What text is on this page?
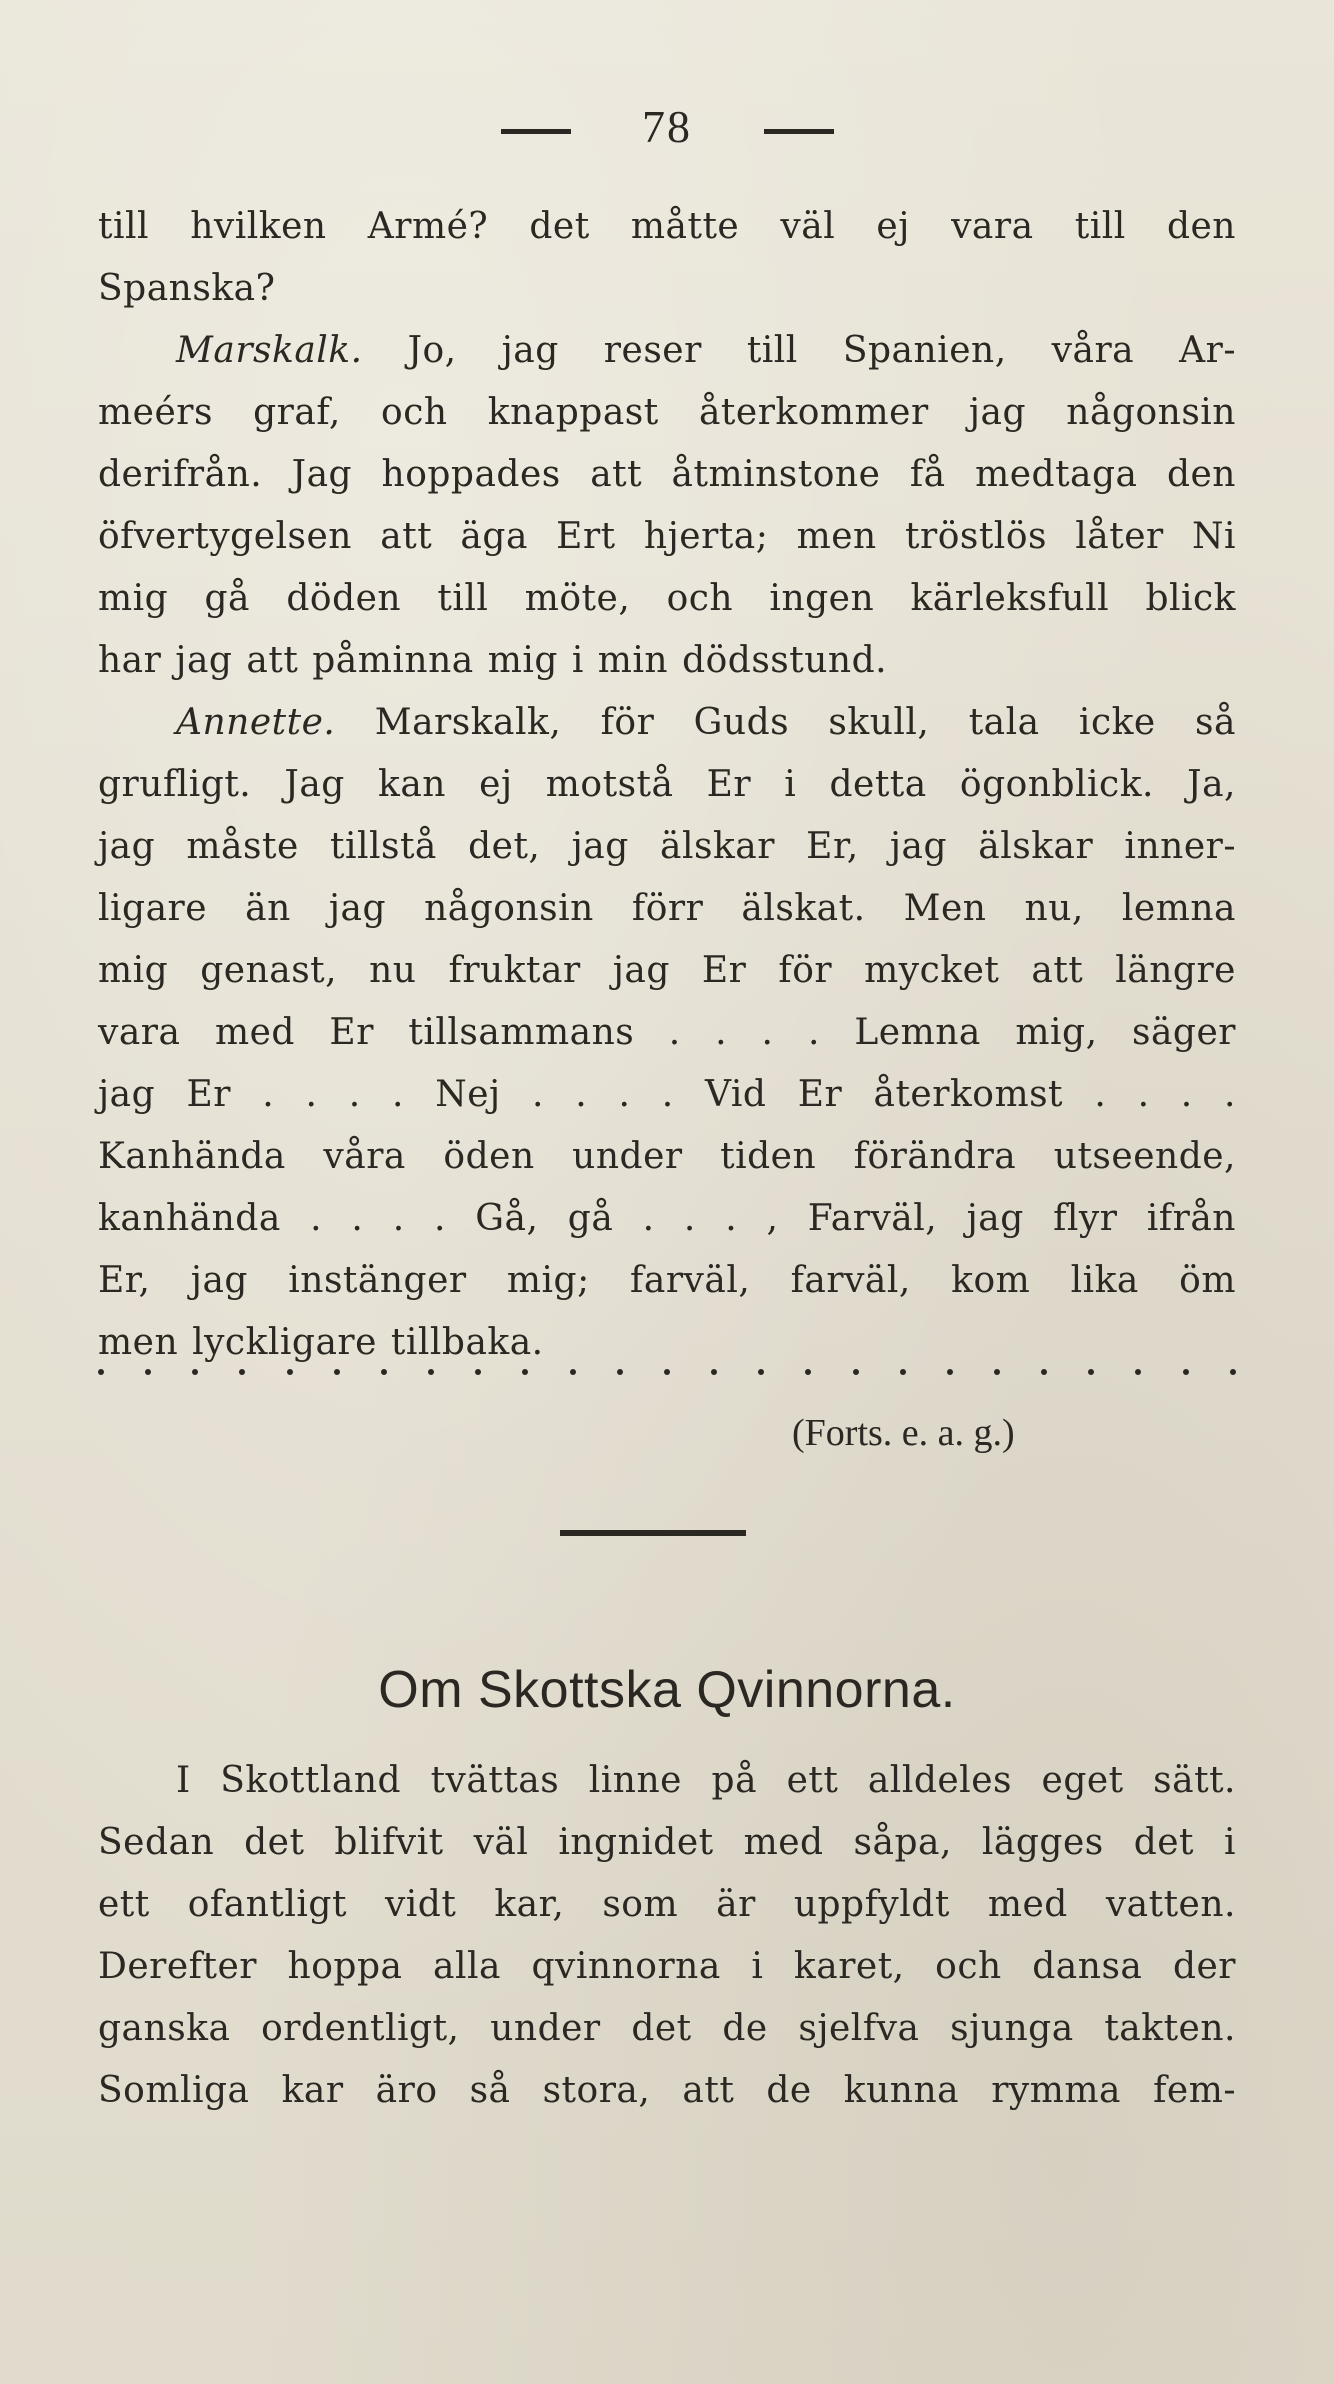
78
till hvilken Armé? det måtte väl ej vara till den
Spanska?
Marskalk. Jo, jag reser till Spanien, våra Ar-
meérs graf, och knappast återkommer jag någonsin
derifrån. Jag hoppades att åtminstone få medtaga den
öfvertygelsen att äga Ert hjerta; men tröstlös låter Ni
mig gå döden till möte, och ingen kärleksfull blick
har jag att påminna mig i min dödsstund.
Annette. Marskalk, för Guds skull, tala icke så
grufligt. Jag kan ej motstå Er i detta ögonblick. Ja,
jag måste tillstå det, jag älskar Er, jag älskar inner-
ligare än jag någonsin förr älskat. Men nu, lemna
mig genast, nu fruktar jag Er för mycket att längre
vara med Er tillsammans . . . . Lemna mig, säger
jag Er . . . . Nej . . . . Vid Er återkomst . . . .
Kanhända våra öden under tiden förändra utseende,
kanhända . . . . Gå, gå . . . , Farväl, jag flyr ifrån
Er, jag instänger mig; farväl, farväl, kom lika öm
men lyckligare tillbaka.
(Forts. e. a. g.)
Om Skottska Qvinnorna.
I Skottland tvättas linne på ett alldeles eget sätt.
Sedan det blifvit väl ingnidet med såpa, lägges det i
ett ofantligt vidt kar, som är uppfyldt med vatten.
Derefter hoppa alla qvinnorna i karet, och dansa der
ganska ordentligt, under det de sjelfva sjunga takten.
Somliga kar äro så stora, att de kunna rymma fem-
